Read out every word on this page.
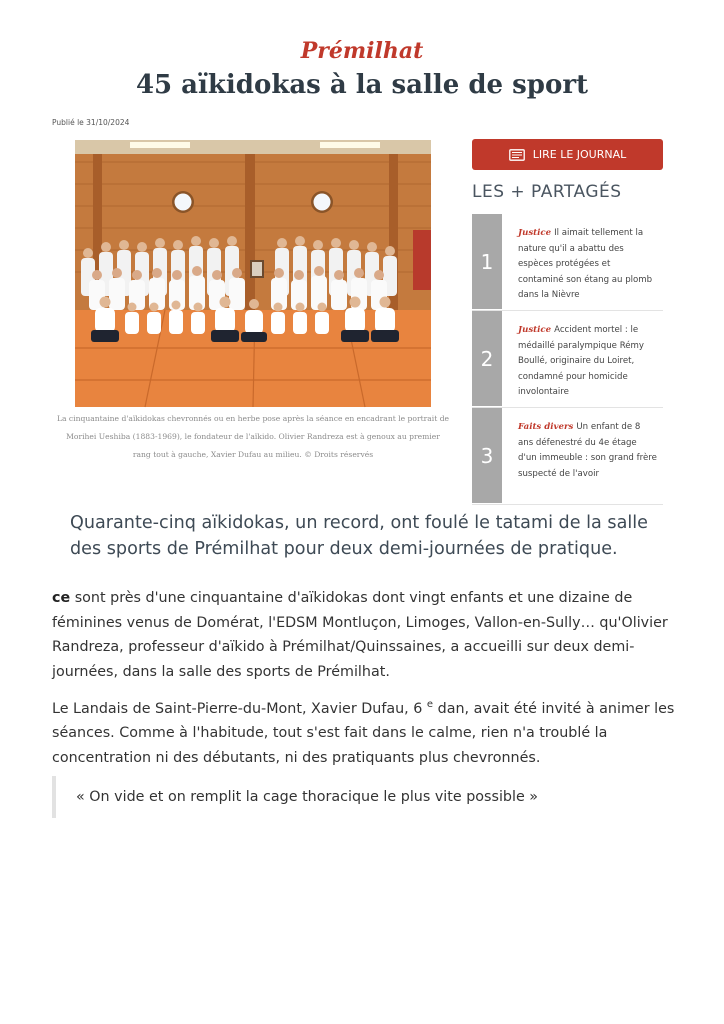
Prémilhat
45 aïkidokas à la salle de sport
Publié le 31/10/2024
La cinquantaine d'aïkidokas chevronnés ou en herbe pose après la séance en encadrant le portrait de Morihei Ueshiba (1883-1969), le fondateur de l'aïkido. Olivier Randreza est à genoux au premier rang tout à gauche, Xavier Dufau au milieu. © Droits réservés
LIRE LE JOURNAL
LES + PARTAGÉS
1
Justice Il aimait tellement la nature qu'il a abattu des espèces protégées et contaminé son étang au plomb dans la Nièvre
2
Justice Accident mortel : le médaillé paralympique Rémy Boullé, originaire du Loiret, condamné pour homicide involontaire
3
Faits divers Un enfant de 8 ans défenestré du 4e étage d'un immeuble : son grand frère suspecté de l'avoir

Quarante-cinq aïkidokas, un record, ont foulé le tatami de la salle des sports de Prémilhat pour deux demi-journées de pratique.

ce sont près d'une cinquantaine d'aïkidokas dont vingt enfants et une dizaine de féminines venus de Domérat, l'EDSM Montluçon, Limoges, Vallon-en-Sully… qu'Olivier Randreza, professeur d'aïkido à Prémilhat/Quinssaines, a accueilli sur deux demi-journées, dans la salle des sports de Prémilhat.

Le Landais de Saint-Pierre-du-Mont, Xavier Dufau, 6 $^e$ dan, avait été invité à animer les séances. Comme à l'habitude, tout s'est fait dans le calme, rien n'a troublé la concentration ni des débutants, ni des pratiquants plus chevronnés.

« On vide et on remplit la cage thoracique le plus vite possible »
